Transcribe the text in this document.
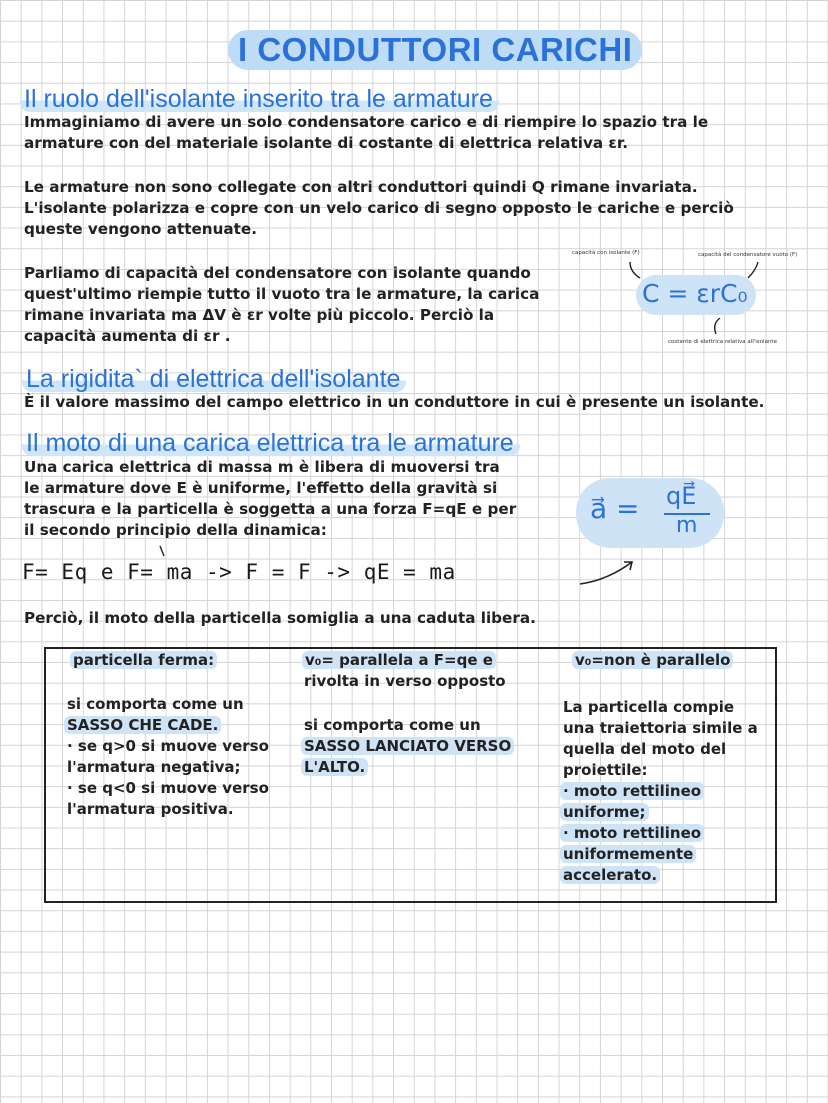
I CONDUTTORI CARICHI
Il ruolo dell'isolante inserito tra le armature
Immaginiamo di avere un solo condensatore carico e di riempire lo spazio tra le
armature con del materiale isolante di costante di elettrica relativa εr.
Le armature non sono collegate con altri conduttori quindi Q rimane invariata.
L'isolante polarizza e copre con un velo carico di segno opposto le cariche e perciò
queste vengono attenuate.
Parliamo di capacità del condensatore con isolante quando
quest'ultimo riempie tutto il vuoto tra le armature, la carica
rimane invariata ma ΔV è εr volte più piccolo. Perciò la
capacità aumenta di εr .
capacità con isolante (F)	capacità del condensatore vuoto (F)
C = εrC₀
costante di elettrica relativa all'isolante
La rigidita` di elettrica dell'isolante
È il valore massimo del campo elettrico in un conduttore in cui è presente un isolante.
Il moto di una carica elettrica tra le armature
Una carica elettrica di massa m è libera di muoversi tra
le armature dove E è uniforme, l'effetto della gravità si
trascura e la particella è soggetta a una forza F=qE e per
il secondo principio della dinamica:
a⃗ = qE⃗
m
F= Eq e F= ma -> F = F -> qE = ma
Perciò, il moto della particella somiglia a una caduta libera.
particella ferma:
si comporta come un
SASSO CHE CADE.
· se q>0 si muove verso
l'armatura negativa;
· se q<0 si muove verso
l'armatura positiva.
v₀= parallela a F=qe e
rivolta in verso opposto
si comporta come un
SASSO LANCIATO VERSO
L'ALTO.
v₀=non è parallelo
La particella compie
una traiettoria simile a
quella del moto del
proiettile:
· moto rettilineo
uniforme;
· moto rettilineo
uniformemente
accelerato.
